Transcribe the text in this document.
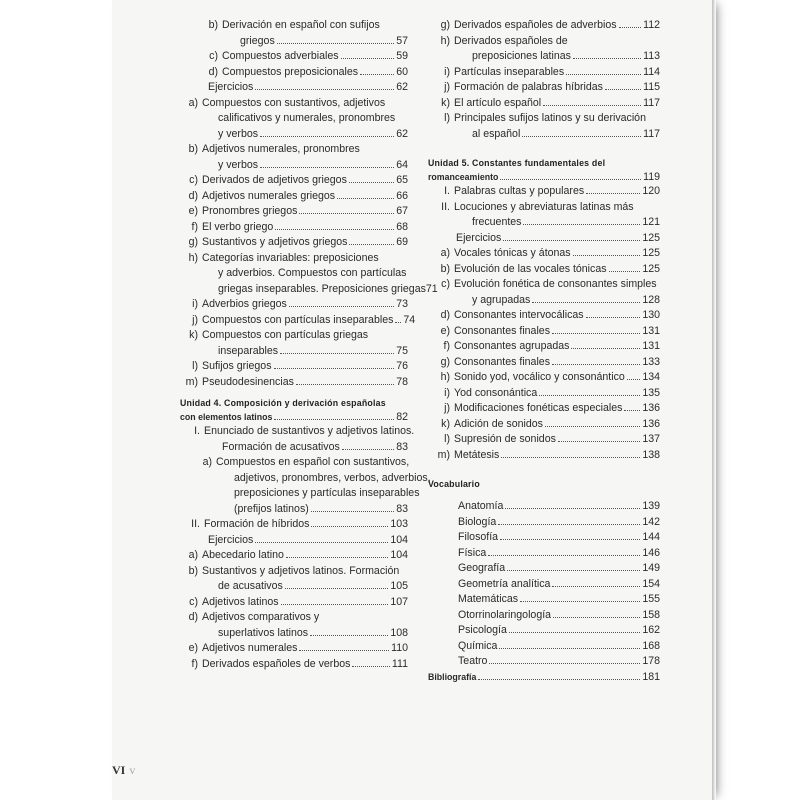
b) Derivación en español con sufijos
griegos	57
c) Compuestos adverbiales	59
d) Compuestos preposicionales	60
Ejercicios	62
a) Compuestos con sustantivos, adjetivos
calificativos y numerales, pronombres
y verbos	62
b) Adjetivos numerales, pronombres
y verbos	64
c) Derivados de adjetivos griegos	65
d) Adjetivos numerales griegos	66
e) Pronombres griegos	67
f) El verbo griego	68
g) Sustantivos y adjetivos griegos	69
h) Categorías invariables: preposiciones
y adverbios. Compuestos con partículas
griegas inseparables. Preposiciones griegas 71
i) Adverbios griegos	73
j) Compuestos con partículas inseparables 74
k) Compuestos con partículas griegas
inseparables	75
l) Sufijos griegos	76
m) Pseudodesinencias	78
Unidad 4. Composición y derivación españolas
con elementos latinos	82
I. Enunciado de sustantivos y adjetivos latinos.
Formación de acusativos	83
a) Compuestos en español con sustantivos,
adjetivos, pronombres, verbos, adverbios,
preposiciones y partículas inseparables
(prefijos latinos)	83
II. Formación de híbridos	103
Ejercicios	104
a) Abecedario latino	104
b) Sustantivos y adjetivos latinos. Formación
de acusativos	105
c) Adjetivos latinos	107
d) Adjetivos comparativos y
superlativos latinos	108
e) Adjetivos numerales	110
f) Derivados españoles de verbos	111
g) Derivados españoles de adverbios	112
h) Derivados españoles de
preposiciones latinas	113
i) Partículas inseparables	114
j) Formación de palabras híbridas	115
k) El artículo español	117
l) Principales sufijos latinos y su derivación
al español	117
Unidad 5. Constantes fundamentales del
romanceamiento	119
I. Palabras cultas y populares	120
II. Locuciones y abreviaturas latinas más
frecuentes	121
Ejercicios	125
a) Vocales tónicas y átonas	125
b) Evolución de las vocales tónicas	125
c) Evolución fonética de consonantes simples
y agrupadas	128
d) Consonantes intervocálicas	130
e) Consonantes finales	131
f) Consonantes agrupadas	131
g) Consonantes finales	133
h) Sonido yod, vocálico y consonántico 134
i) Yod consonántica	135
j) Modificaciones fonéticas especiales 136
k) Adición de sonidos	136
l) Supresión de sonidos	137
m) Metátesis	138
Vocabulario
Anatomía	139
Biología	142
Filosofía	144
Física	146
Geografía	149
Geometría analítica	154
Matemáticas	155
Otorrinolaringología	158
Psicología	162
Química	168
Teatro	178
Bibliografía	181
VI v
